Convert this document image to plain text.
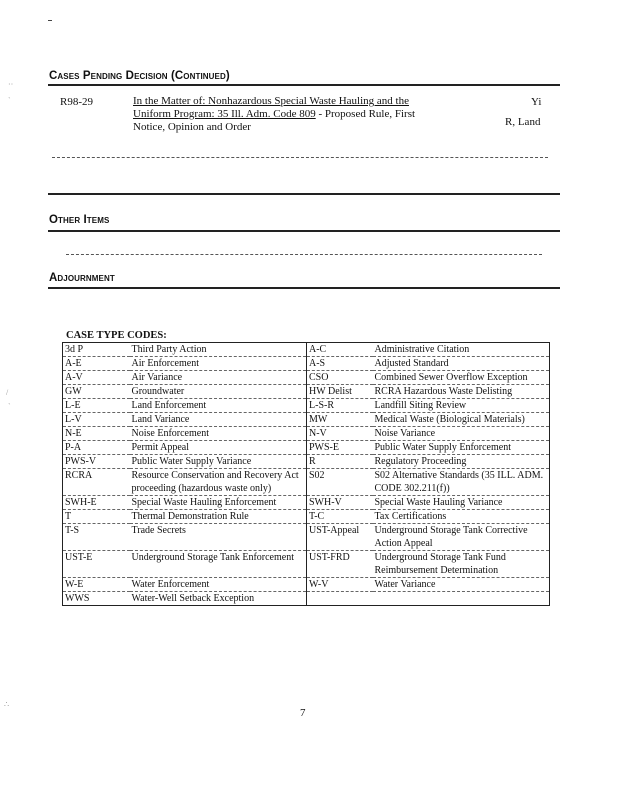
··
`
/
`
∴
Cases Pending Decision (Continued)
R98-29	In the Matter of: Nonhazardous Special Waste Hauling and the
Uniform Program: 35 Ill. Adm. Code 809 - Proposed Rule, First
Notice, Opinion and Order
Yi
R, Land
Other Items
Adjournment
CASE TYPE CODES:
3d P	Third Party Action	A-C	Administrative Citation
A-E	Air Enforcement	A-S	Adjusted Standard
A-V	Air Variance	CSO	Combined Sewer Overflow Exception
GW	Groundwater	HW Delist	RCRA Hazardous Waste Delisting
L-E	Land Enforcement	L-S-R	Landfill Siting Review
L-V	Land Variance	MW	Medical Waste (Biological Materials)
N-E	Noise Enforcement	N-V	Noise Variance
P-A	Permit Appeal	PWS-E	Public Water Supply Enforcement
PWS-V	Public Water Supply Variance	R	Regulatory Proceeding
RCRA	Resource Conservation and Recovery Act proceeding (hazardous waste only)	S02	S02 Alternative Standards (35 ILL. ADM. CODE 302.211(f))
SWH-E	Special Waste Hauling Enforcement	SWH-V	Special Waste Hauling Variance
T	Thermal Demonstration Rule	T-C	Tax Certifications
T-S	Trade Secrets	UST-Appeal	Underground Storage Tank Corrective Action Appeal
UST-E	Underground Storage Tank Enforcement	UST-FRD	Underground Storage Tank Fund Reimbursement Determination
W-E	Water Enforcement	W-V	Water Variance
WWS	Water-Well Setback Exception		
7
